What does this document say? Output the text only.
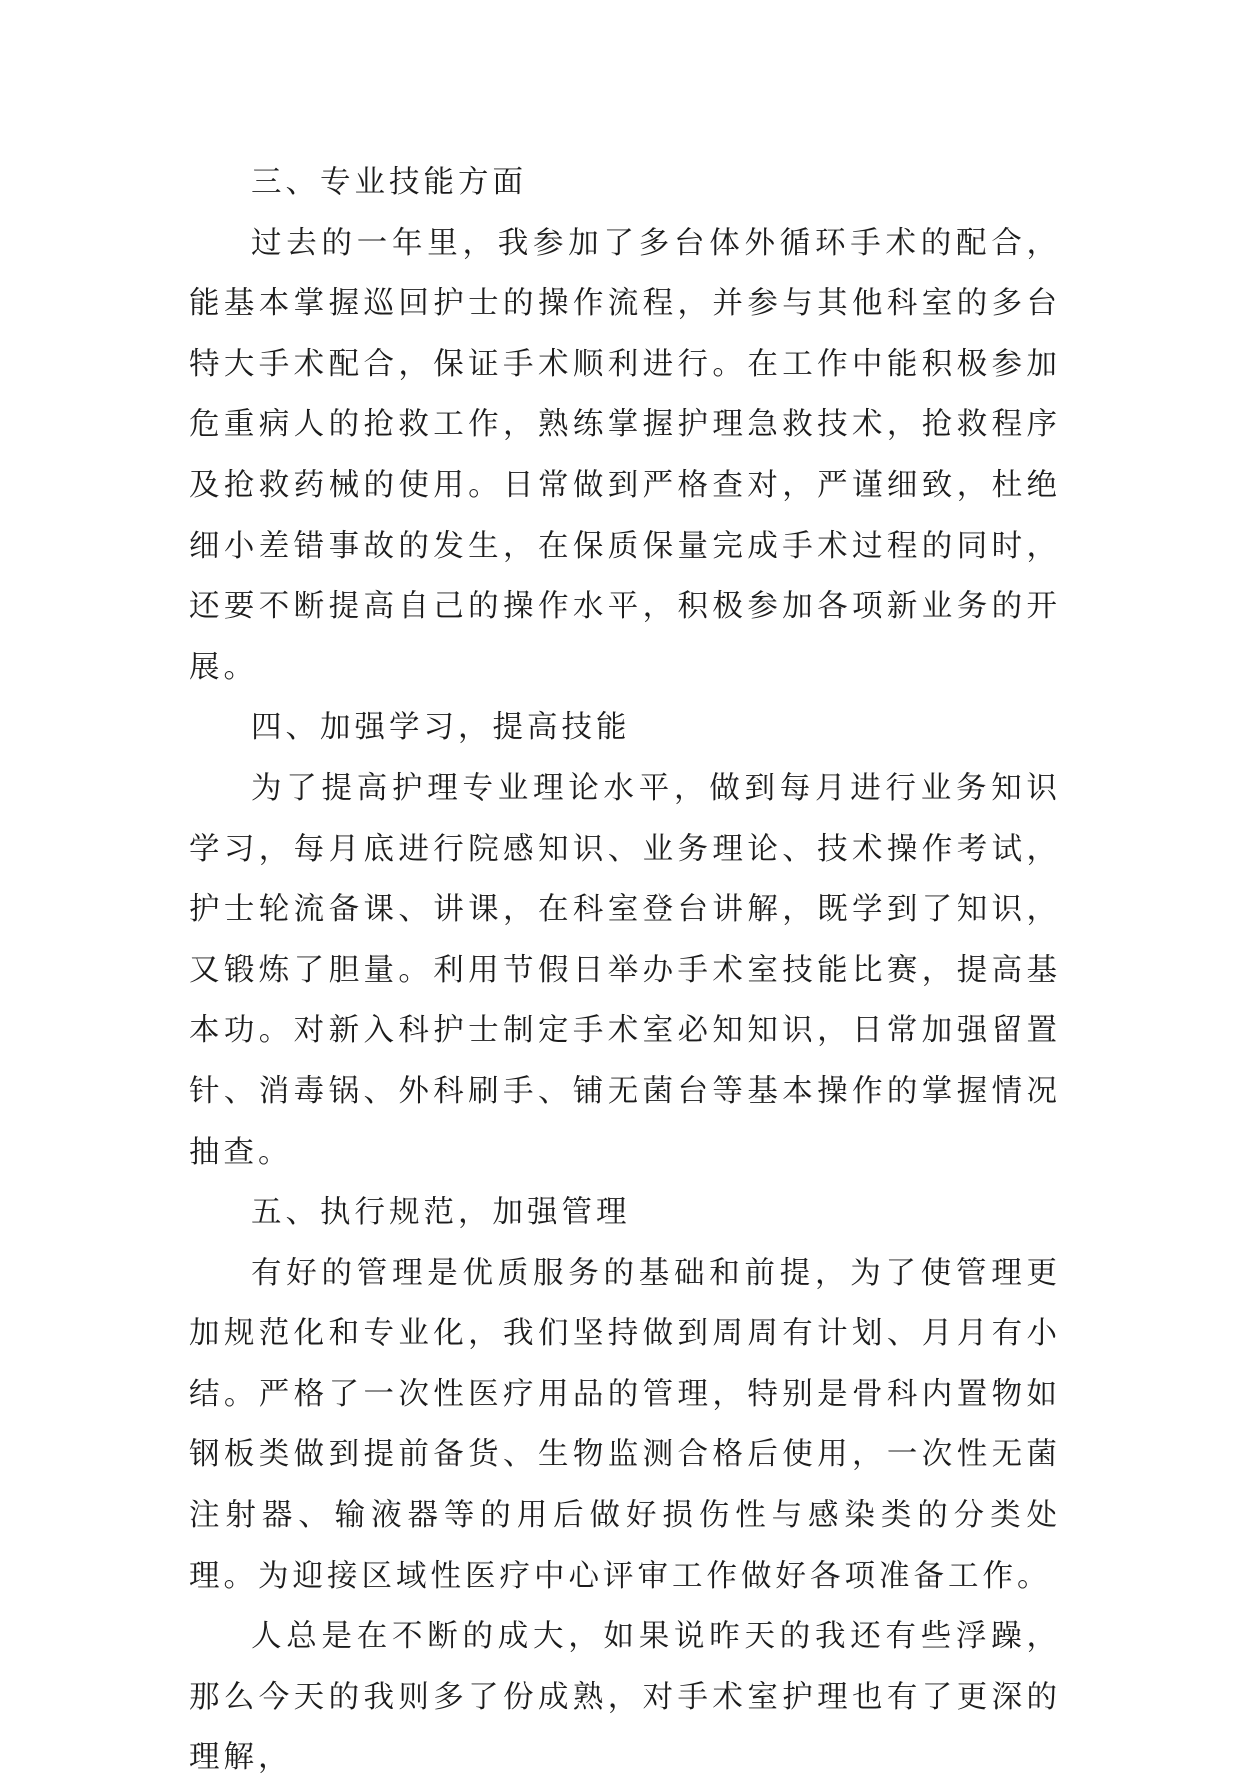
三、专业技能方面

过去的一年里，我参加了多台体外循环手术的配合，能基本掌握巡回护士的操作流程，并参与其他科室的多台特大手术配合，保证手术顺利进行。在工作中能积极参加危重病人的抢救工作，熟练掌握护理急救技术，抢救程序及抢救药械的使用。日常做到严格查对，严谨细致，杜绝细小差错事故的发生，在保质保量完成手术过程的同时，还要不断提高自己的操作水平，积极参加各项新业务的开展。

四、加强学习，提高技能

为了提高护理专业理论水平，做到每月进行业务知识学习，每月底进行院感知识、业务理论、技术操作考试，护士轮流备课、讲课，在科室登台讲解，既学到了知识，又锻炼了胆量。利用节假日举办手术室技能比赛，提高基本功。对新入科护士制定手术室必知知识，日常加强留置针、消毒锅、外科刷手、铺无菌台等基本操作的掌握情况抽查。

五、执行规范，加强管理

有好的管理是优质服务的基础和前提，为了使管理更加规范化和专业化，我们坚持做到周周有计划、月月有小结。严格了一次性医疗用品的管理，特别是骨科内置物如钢板类做到提前备货、生物监测合格后使用，一次性无菌注射器、输液器等的用后做好损伤性与感染类的分类处理。为迎接区域性医疗中心评审工作做好各项准备工作。

人总是在不断的成大，如果说昨天的我还有些浮躁，那么今天的我则多了份成熟，对手术室护理也有了更深的理解，
